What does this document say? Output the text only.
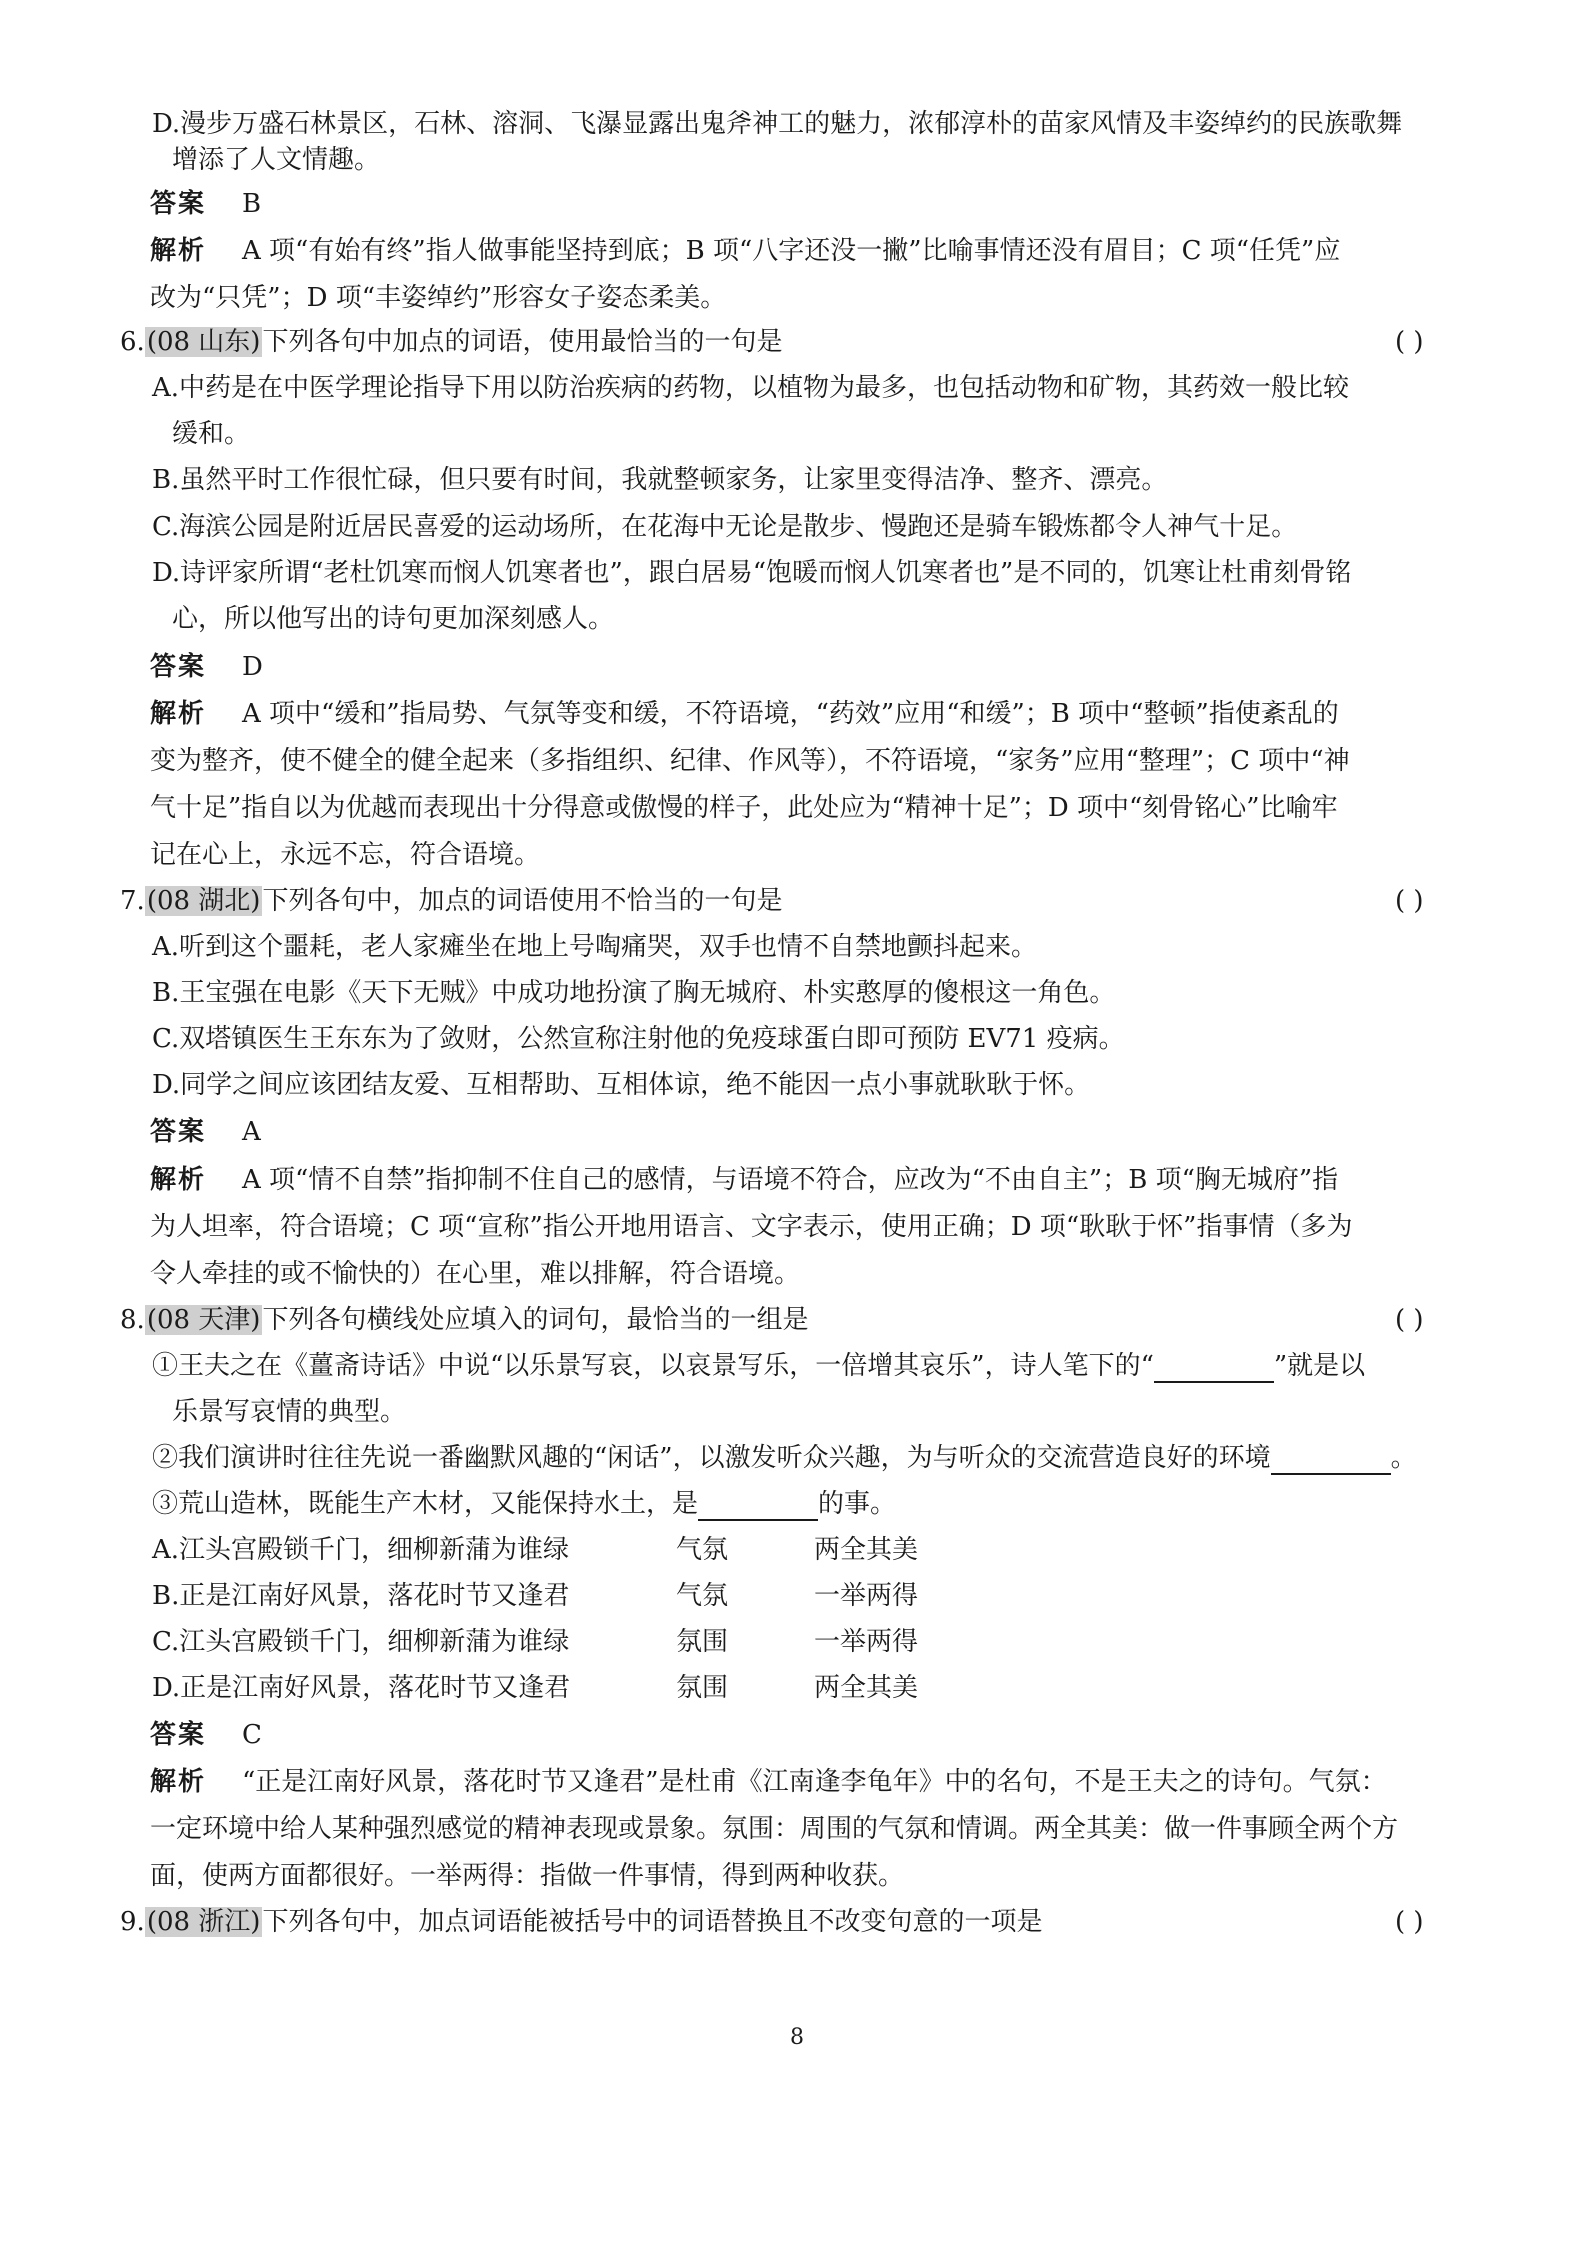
D.漫步万盛石林景区，石林、溶洞、飞瀑显露出鬼斧神工的魅力，浓郁淳朴的苗家风情及丰姿绰约的民族歌舞
增添了人文情趣。
答案 B
解析 A 项“有始有终”指人做事能坚持到底；B 项“八字还没一撇”比喻事情还没有眉目；C 项“任凭”应
改为“只凭”；D 项“丰姿绰约”形容女子姿态柔美。
6.(08 山东)下列各句中加点的词语，使用最恰当的一句是	( )
A.中药是在中医学理论指导下用以防治疾病的药物，以植物为最多，也包括动物和矿物，其药效一般比较
缓和。
B.虽然平时工作很忙碌，但只要有时间，我就整顿家务，让家里变得洁净、整齐、漂亮。
C.海滨公园是附近居民喜爱的运动场所，在花海中无论是散步、慢跑还是骑车锻炼都令人神气十足。
D.诗评家所谓“老杜饥寒而悯人饥寒者也”，跟白居易“饱暖而悯人饥寒者也”是不同的，饥寒让杜甫刻骨铭
心，所以他写出的诗句更加深刻感人。
答案 D
解析 A 项中“缓和”指局势、气氛等变和缓，不符语境，“药效”应用“和缓”；B 项中“整顿”指使紊乱的
变为整齐，使不健全的健全起来（多指组织、纪律、作风等），不符语境，“家务”应用“整理”；C 项中“神
气十足”指自以为优越而表现出十分得意或傲慢的样子，此处应为“精神十足”；D 项中“刻骨铭心”比喻牢
记在心上，永远不忘，符合语境。
7.(08 湖北)下列各句中，加点的词语使用不恰当的一句是	( )
A.听到这个噩耗，老人家瘫坐在地上号啕痛哭，双手也情不自禁地颤抖起来。
B.王宝强在电影《天下无贼》中成功地扮演了胸无城府、朴实憨厚的傻根这一角色。
C.双塔镇医生王东东为了敛财，公然宣称注射他的免疫球蛋白即可预防 EV71 疫病。
D.同学之间应该团结友爱、互相帮助、互相体谅，绝不能因一点小事就耿耿于怀。
答案 A
解析 A 项“情不自禁”指抑制不住自己的感情，与语境不符合，应改为“不由自主”；B 项“胸无城府”指
为人坦率，符合语境；C 项“宣称”指公开地用语言、文字表示，使用正确；D 项“耿耿于怀”指事情（多为
令人牵挂的或不愉快的）在心里，难以排解，符合语境。
8.(08 天津)下列各句横线处应填入的词句，最恰当的一组是	( )
①王夫之在《薑斋诗话》中说“以乐景写哀，以哀景写乐，一倍增其哀乐”，诗人笔下的“	”就是以
乐景写哀情的典型。
②我们演讲时往往先说一番幽默风趣的“闲话”，以激发听众兴趣，为与听众的交流营造良好的环境	。
③荒山造林，既能生产木材，又能保持水土，是	的事。
A.江头宫殿锁千门，细柳新蒲为谁绿	气氛	两全其美
B.正是江南好风景，落花时节又逢君	气氛	一举两得
C.江头宫殿锁千门，细柳新蒲为谁绿	氛围	一举两得
D.正是江南好风景，落花时节又逢君	氛围	两全其美
答案 C
解析 “正是江南好风景，落花时节又逢君”是杜甫《江南逢李龟年》中的名句，不是王夫之的诗句。气氛：
一定环境中给人某种强烈感觉的精神表现或景象。氛围：周围的气氛和情调。两全其美：做一件事顾全两个方
面，使两方面都很好。一举两得：指做一件事情，得到两种收获。
9.(08 浙江)下列各句中，加点词语能被括号中的词语替换且不改变句意的一项是	( )
8
